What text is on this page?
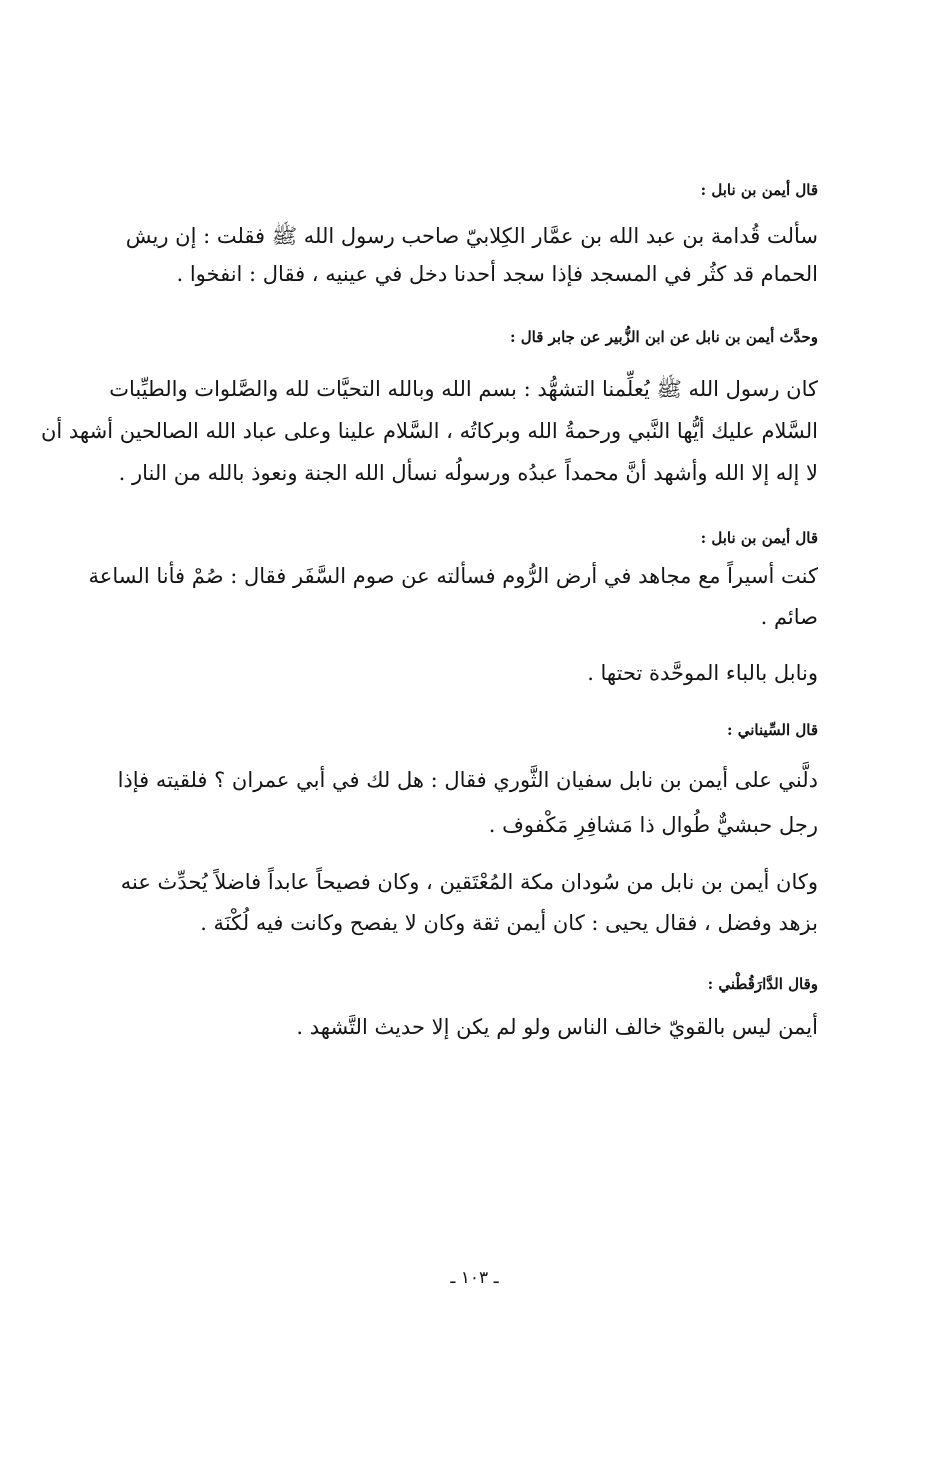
قال أيمن بن نابل :
سألت قُدامة بن عبد الله بن عمَّار الكِلابيّ صاحب رسول الله ﷺ فقلت : إن ريش
الحمام قد كثُر في المسجد فإذا سجد أحدنا دخل في عينيه ، فقال : انفخوا .
وحدَّث أيمن بن نابل عن ابن الزُّبير عن جابر قال :
كان رسول الله ﷺ يُعلِّمنا التشهُّد : بسم الله وبالله التحيَّات لله والصَّلوات والطيِّبات
السَّلام عليك أيُّها النَّبي ورحمةُ الله وبركاتُه ، السَّلام علينا وعلى عباد الله الصالحين أشهد أن
لا إله إلا الله وأشهد أنَّ محمداً عبدُه ورسولُه نسأل الله الجنة ونعوذ بالله من النار .
قال أيمن بن نابل :
كنت أسيراً مع مجاهد في أرض الرُّوم فسألته عن صوم السَّفَر فقال : صُمْ فأنا الساعة
صائم .
ونابل بالباء الموحَّدة تحتها .
قال السِّيناني :
دلَّني على أيمن بن نابل سفيان الثَّوري فقال : هل لك في أبي عمران ؟ فلقيته فإذا
رجل حبشيٌّ طُوال ذا مَشافِرِ مَكْفوف .
وكان أيمن بن نابل من سُودان مكة المُعْتَقين ، وكان فصيحاً عابداً فاضلاً يُحدِّث عنه
بزهد وفضل ، فقال يحيى : كان أيمن ثقة وكان لا يفصح وكانت فيه لُكْنَة .
وقال الدَّارَقُطْني :
أيمن ليس بالقويّ خالف الناس ولو لم يكن إلا حديث التَّشهد .
ـ ١٠٣ ـ
